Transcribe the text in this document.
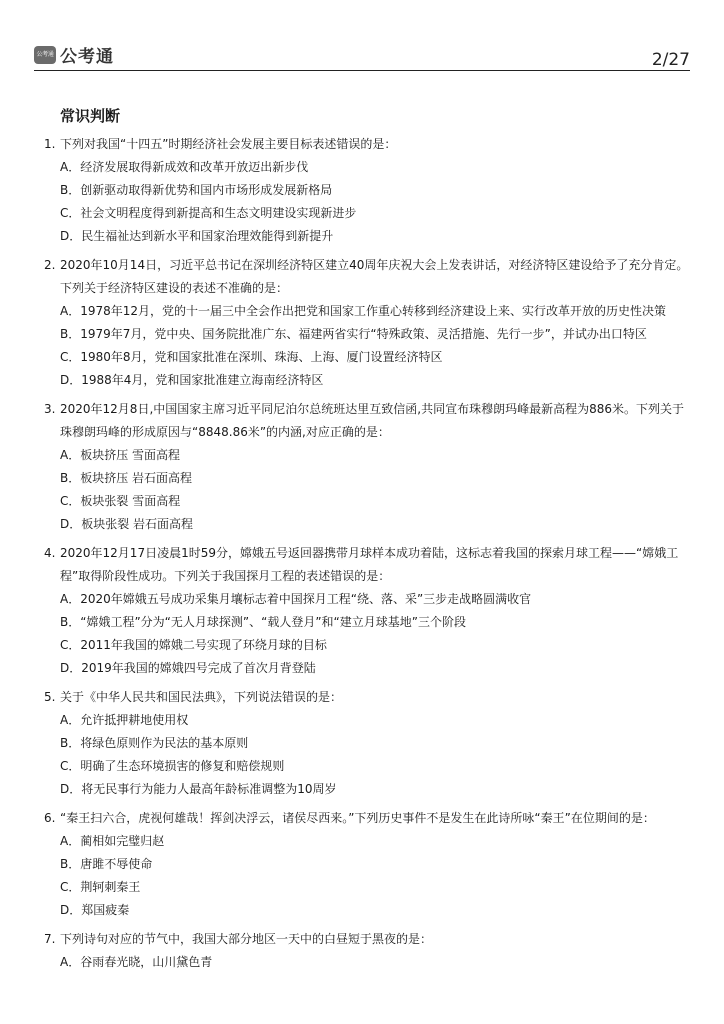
公考通 公考通	2/27
常识判断
1. 下列对我国“十四五”时期经济社会发展主要目标表述错误的是：
A．经济发展取得新成效和改革开放迈出新步伐
B．创新驱动取得新优势和国内市场形成发展新格局
C．社会文明程度得到新提高和生态文明建设实现新进步
D．民生福祉达到新水平和国家治理效能得到新提升
2. 2020年10月14日，习近平总书记在深圳经济特区建立40周年庆祝大会上发表讲话，对经济特区建设给予了充分肯定。下列关于经济特区建设的表述不准确的是：
A．1978年12月，党的十一届三中全会作出把党和国家工作重心转移到经济建设上来、实行改革开放的历史性决策
B．1979年7月，党中央、国务院批准广东、福建两省实行“特殊政策、灵活措施、先行一步”，并试办出口特区
C．1980年8月，党和国家批准在深圳、珠海、上海、厦门设置经济特区
D．1988年4月，党和国家批准建立海南经济特区
3. 2020年12月8日,中国国家主席习近平同尼泊尔总统班达里互致信函,共同宣布珠穆朗玛峰最新高程为886米。下列关于珠穆朗玛峰的形成原因与“8848.86米”的内涵,对应正确的是：
A．板块挤压 雪面高程
B．板块挤压 岩石面高程
C．板块张裂 雪面高程
D．板块张裂 岩石面高程
4. 2020年12月17日凌晨1时59分，嫦娥五号返回器携带月球样本成功着陆，这标志着我国的探索月球工程——“嫦娥工程”取得阶段性成功。下列关于我国探月工程的表述错误的是：
A．2020年嫦娥五号成功采集月壤标志着中国探月工程“绕、落、采”三步走战略圆满收官
B．“嫦娥工程”分为“无人月球探测”、“载人登月”和“建立月球基地”三个阶段
C．2011年我国的嫦娥二号实现了环绕月球的目标
D．2019年我国的嫦娥四号完成了首次月背登陆
5. 关于《中华人民共和国民法典》，下列说法错误的是：
A．允许抵押耕地使用权
B．将绿色原则作为民法的基本原则
C．明确了生态环境损害的修复和赔偿规则
D．将无民事行为能力人最高年龄标准调整为10周岁
6. “秦王扫六合，虎视何雄哉！挥剑决浮云，诸侯尽西来。”下列历史事件不是发生在此诗所咏“秦王”在位期间的是：
A．蔺相如完璧归赵
B．唐雎不辱使命
C．荆轲刺秦王
D．郑国疲秦
7. 下列诗句对应的节气中，我国大部分地区一天中的白昼短于黑夜的是：
A．谷雨春光晓，山川黛色青
